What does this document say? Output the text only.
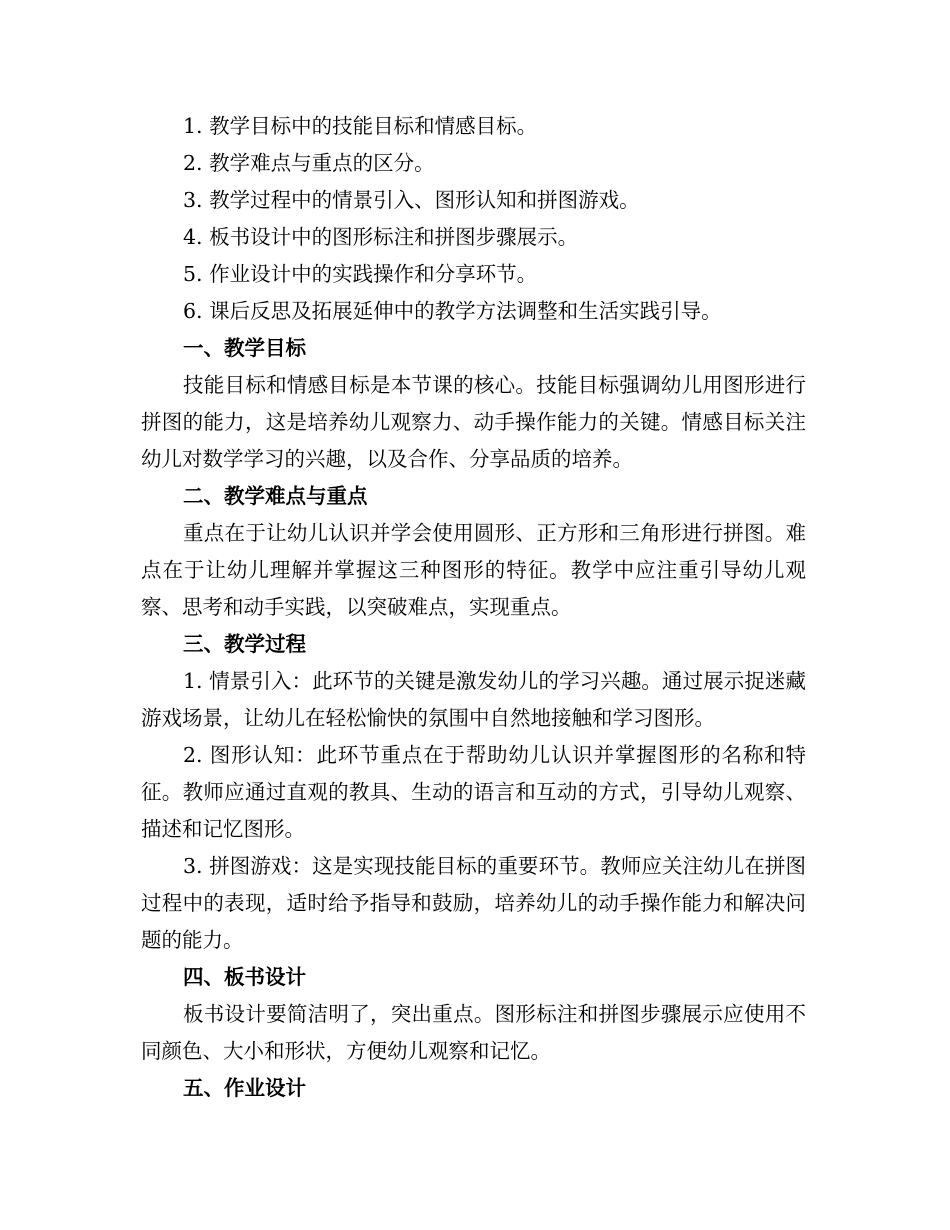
1. 教学目标中的技能目标和情感目标。
2. 教学难点与重点的区分。
3. 教学过程中的情景引入、图形认知和拼图游戏。
4. 板书设计中的图形标注和拼图步骤展示。
5. 作业设计中的实践操作和分享环节。
6. 课后反思及拓展延伸中的教学方法调整和生活实践引导。
一、教学目标

技能目标和情感目标是本节课的核心。技能目标强调幼儿用图形进行拼图的能力，这是培养幼儿观察力、动手操作能力的关键。情感目标关注幼儿对数学学习的兴趣，以及合作、分享品质的培养。

二、教学难点与重点

重点在于让幼儿认识并学会使用圆形、正方形和三角形进行拼图。难点在于让幼儿理解并掌握这三种图形的特征。教学中应注重引导幼儿观察、思考和动手实践，以突破难点，实现重点。

三、教学过程

1. 情景引入：此环节的关键是激发幼儿的学习兴趣。通过展示捉迷藏游戏场景，让幼儿在轻松愉快的氛围中自然地接触和学习图形。

2. 图形认知：此环节重点在于帮助幼儿认识并掌握图形的名称和特征。教师应通过直观的教具、生动的语言和互动的方式，引导幼儿观察、描述和记忆图形。

3. 拼图游戏：这是实现技能目标的重要环节。教师应关注幼儿在拼图过程中的表现，适时给予指导和鼓励，培养幼儿的动手操作能力和解决问题的能力。

四、板书设计

板书设计要简洁明了，突出重点。图形标注和拼图步骤展示应使用不同颜色、大小和形状，方便幼儿观察和记忆。

五、作业设计
